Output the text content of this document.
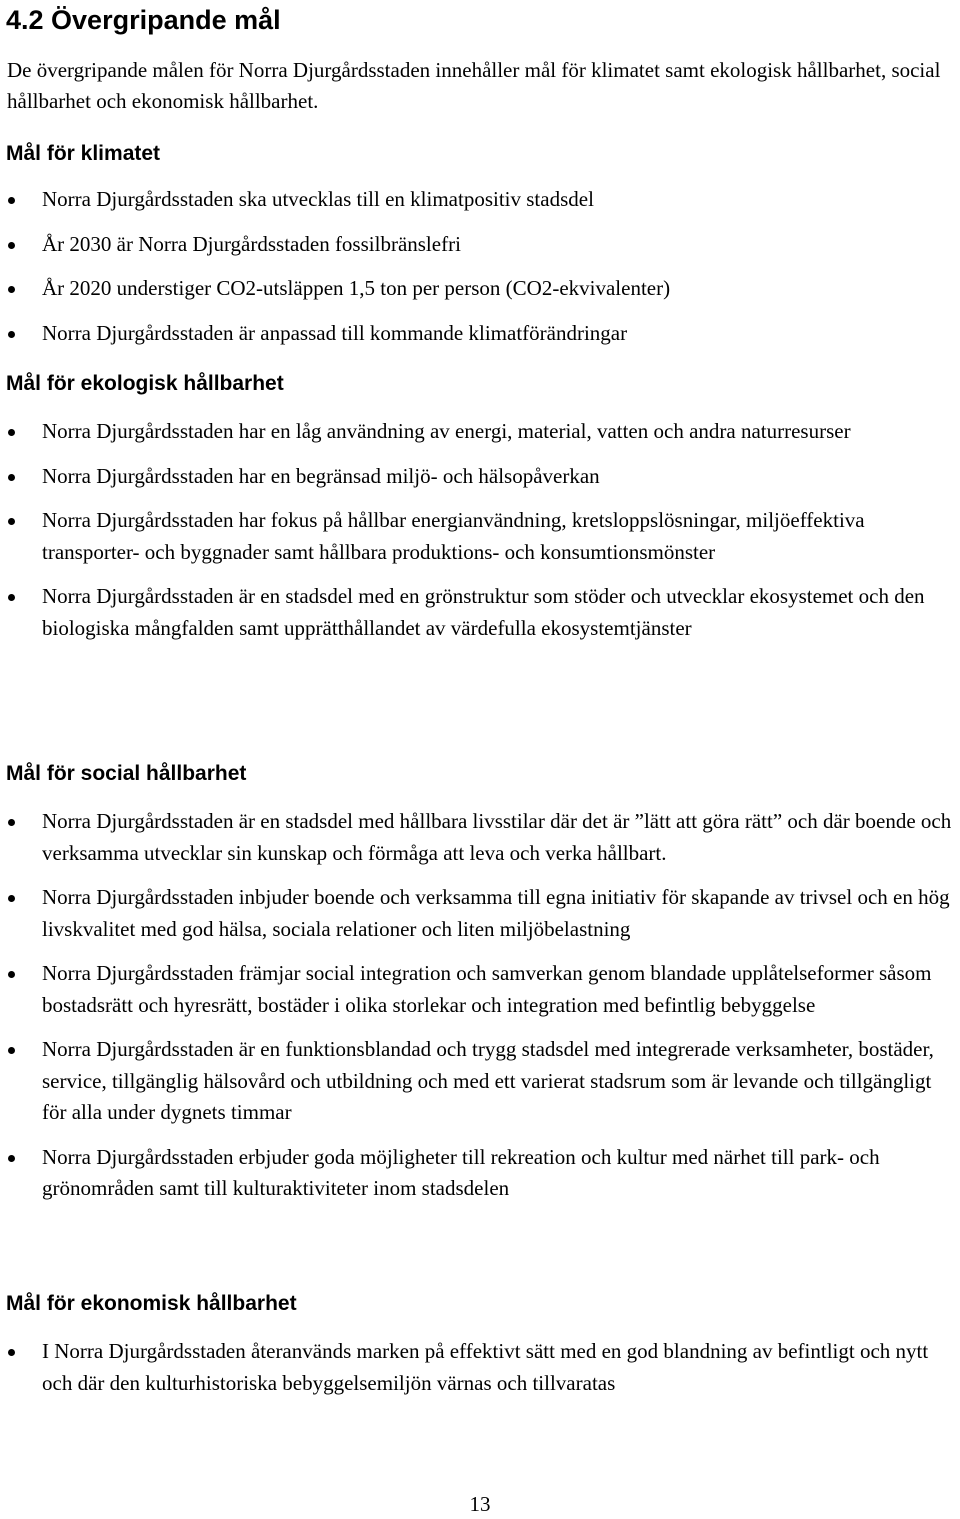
4.2 Övergripande mål

De övergripande målen för Norra Djurgårdsstaden innehåller mål för klimatet samt ekologisk hållbarhet, social hållbarhet och ekonomisk hållbarhet.

Mål för klimatet
Norra Djurgårdsstaden ska utvecklas till en klimatpositiv stadsdel
År 2030 är Norra Djurgårdsstaden fossilbränslefri
År 2020 understiger CO2-utsläppen 1,5 ton per person (CO2-ekvivalenter)
Norra Djurgårdsstaden är anpassad till kommande klimatförändringar
Mål för ekologisk hållbarhet
Norra Djurgårdsstaden har en låg användning av energi, material, vatten och andra naturresurser
Norra Djurgårdsstaden har en begränsad miljö- och hälsopåverkan
Norra Djurgårdsstaden har fokus på hållbar energianvändning, kretsloppslösningar, miljöeffektiva transporter- och byggnader samt hållbara produktions- och konsumtionsmönster
Norra Djurgårdsstaden är en stadsdel med en grönstruktur som stöder och utvecklar ekosystemet och den biologiska mångfalden samt upprätthållandet av värdefulla ekosystemtjänster
Mål för social hållbarhet
Norra Djurgårdsstaden är en stadsdel med hållbara livsstilar där det är ”lätt att göra rätt” och där boende och verksamma utvecklar sin kunskap och förmåga att leva och verka hållbart.
Norra Djurgårdsstaden inbjuder boende och verksamma till egna initiativ för skapande av trivsel och en hög livskvalitet med god hälsa, sociala relationer och liten miljöbelastning
Norra Djurgårdsstaden främjar social integration och samverkan genom blandade upplåtelseformer såsom bostadsrätt och hyresrätt, bostäder i olika storlekar och integration med befintlig bebyggelse
Norra Djurgårdsstaden är en funktionsblandad och trygg stadsdel med integrerade verksamheter, bostäder, service, tillgänglig hälsovård och utbildning och med ett varierat stadsrum som är levande och tillgängligt för alla under dygnets timmar
Norra Djurgårdsstaden erbjuder goda möjligheter till rekreation och kultur med närhet till park- och grönområden samt till kulturaktiviteter inom stadsdelen
Mål för ekonomisk hållbarhet
I Norra Djurgårdsstaden återanvänds marken på effektivt sätt med en god blandning av befintligt och nytt och där den kulturhistoriska bebyggelsemiljön värnas och tillvaratas

13
